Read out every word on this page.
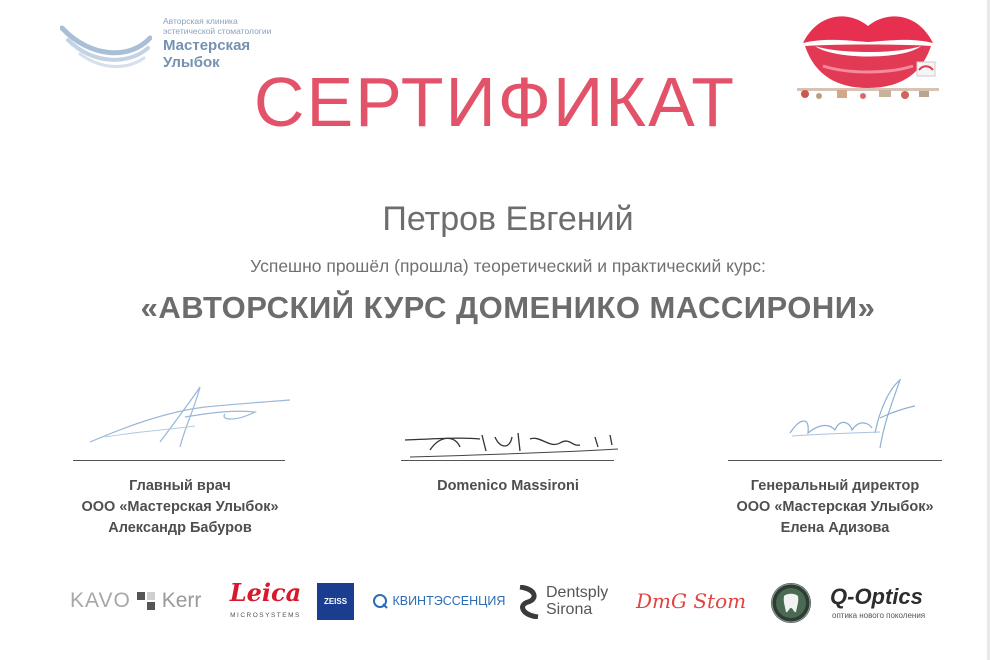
Авторская клиника
эстетической стоматологии
Мастерская
Улыбок
СЕРТИФИКАТ
Петров Евгений
Успешно прошёл (прошла) теоретический и практический курс:
«АВТОРСКИЙ КУРС ДОМЕНИКО МАССИРОНИ»
Главный врач
ООО «Мастерская Улыбок»
Александр Бабуров
Domenico Massironi	Генеральный директор
ООО «Мастерская Улыбок»
Елена Адизова
KAVO Kerr	Leica
MICROSYSTEMS
ZEISS	КВИНТЭССЕНЦИЯ	Dentsply
Sirona DmG Stom	Q-Optics
оптика нового поколения
